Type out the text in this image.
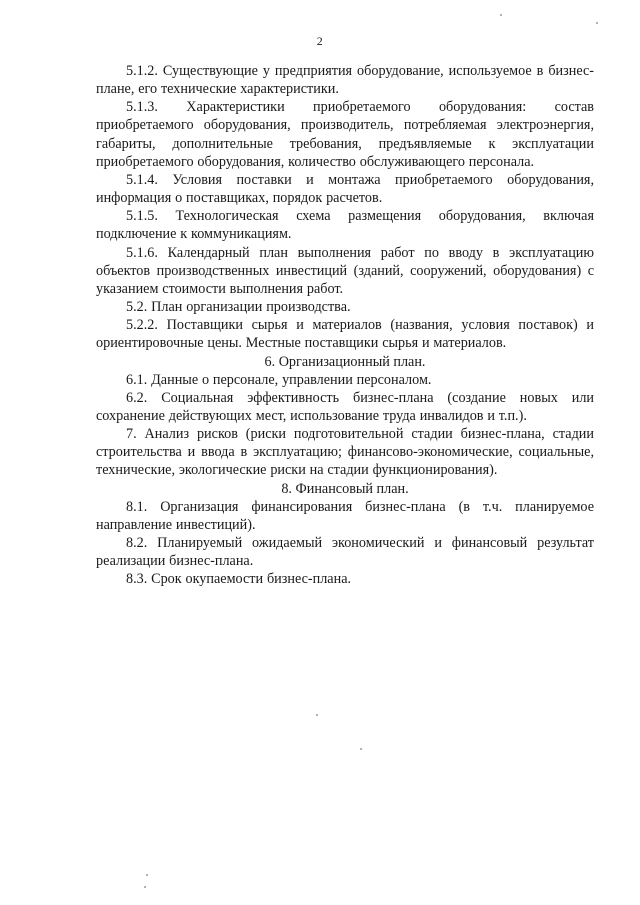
2

5.1.2. Существующие у предприятия оборудование, используемое в бизнес-плане, его технические характеристики.

5.1.3. Характеристики приобретаемого оборудования: состав приобретаемого оборудования, производитель, потребляемая электроэнергия, габариты, дополнительные требования, предъявляемые к эксплуатации приобретаемого оборудования, количество обслуживающего персонала.

5.1.4. Условия поставки и монтажа приобретаемого оборудования, информация о поставщиках, порядок расчетов.

5.1.5. Технологическая схема размещения оборудования, включая подключение к коммуникациям.

5.1.6. Календарный план выполнения работ по вводу в эксплуатацию объектов производственных инвестиций (зданий, сооружений, оборудования) с указанием стоимости выполнения работ.

5.2. План организации производства.

5.2.2. Поставщики сырья и материалов (названия, условия поставок) и ориентировочные цены. Местные поставщики сырья и материалов.

6. Организационный план.

6.1. Данные о персонале, управлении персоналом.

6.2. Социальная эффективность бизнес-плана (создание новых или сохранение действующих мест, использование труда инвалидов и т.п.).

7. Анализ рисков (риски подготовительной стадии бизнес-плана, стадии строительства и ввода в эксплуатацию; финансово-экономические, социальные, технические, экологические риски на стадии функционирования).

8. Финансовый план.

8.1. Организация финансирования бизнес-плана (в т.ч. планируемое направление инвестиций).

8.2. Планируемый ожидаемый экономический и финансовый результат реализации бизнес-плана.

8.3. Срок окупаемости бизнес-плана.
